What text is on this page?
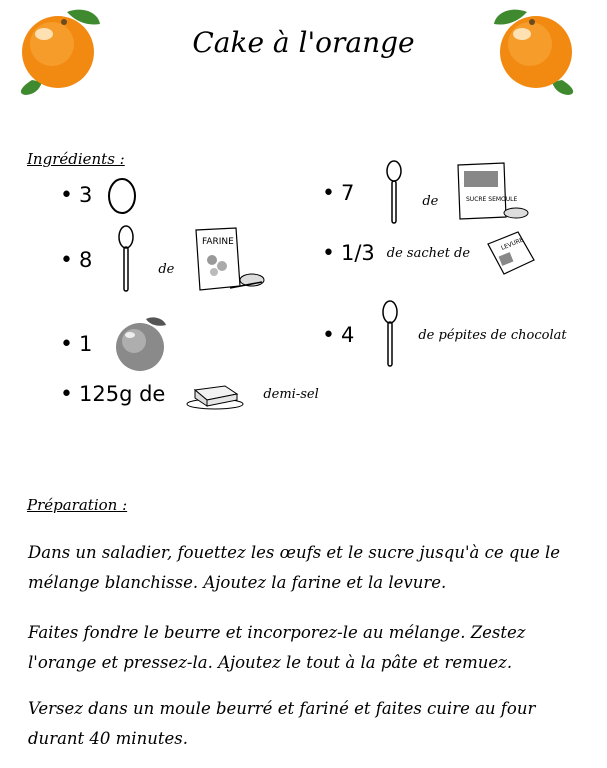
Cake à l'orange
Ingrédients :
• 3
• 8	de
FARINE
• 1
• 125g de	demi-sel
• 7	de	SUCRE SEMOULE
• 1/3 de sachet de
LEVURE
• 4	de pépites de chocolat
Préparation :
Dans un saladier, fouettez les œufs et le sucre jusqu'à ce que le mélange blanchisse. Ajoutez la farine et la levure.
Faites fondre le beurre et incorporez-le au mélange. Zestez l'orange et pressez-la. Ajoutez le tout à la pâte et remuez.
Versez dans un moule beurré et fariné et faites cuire au four durant 40 minutes.
